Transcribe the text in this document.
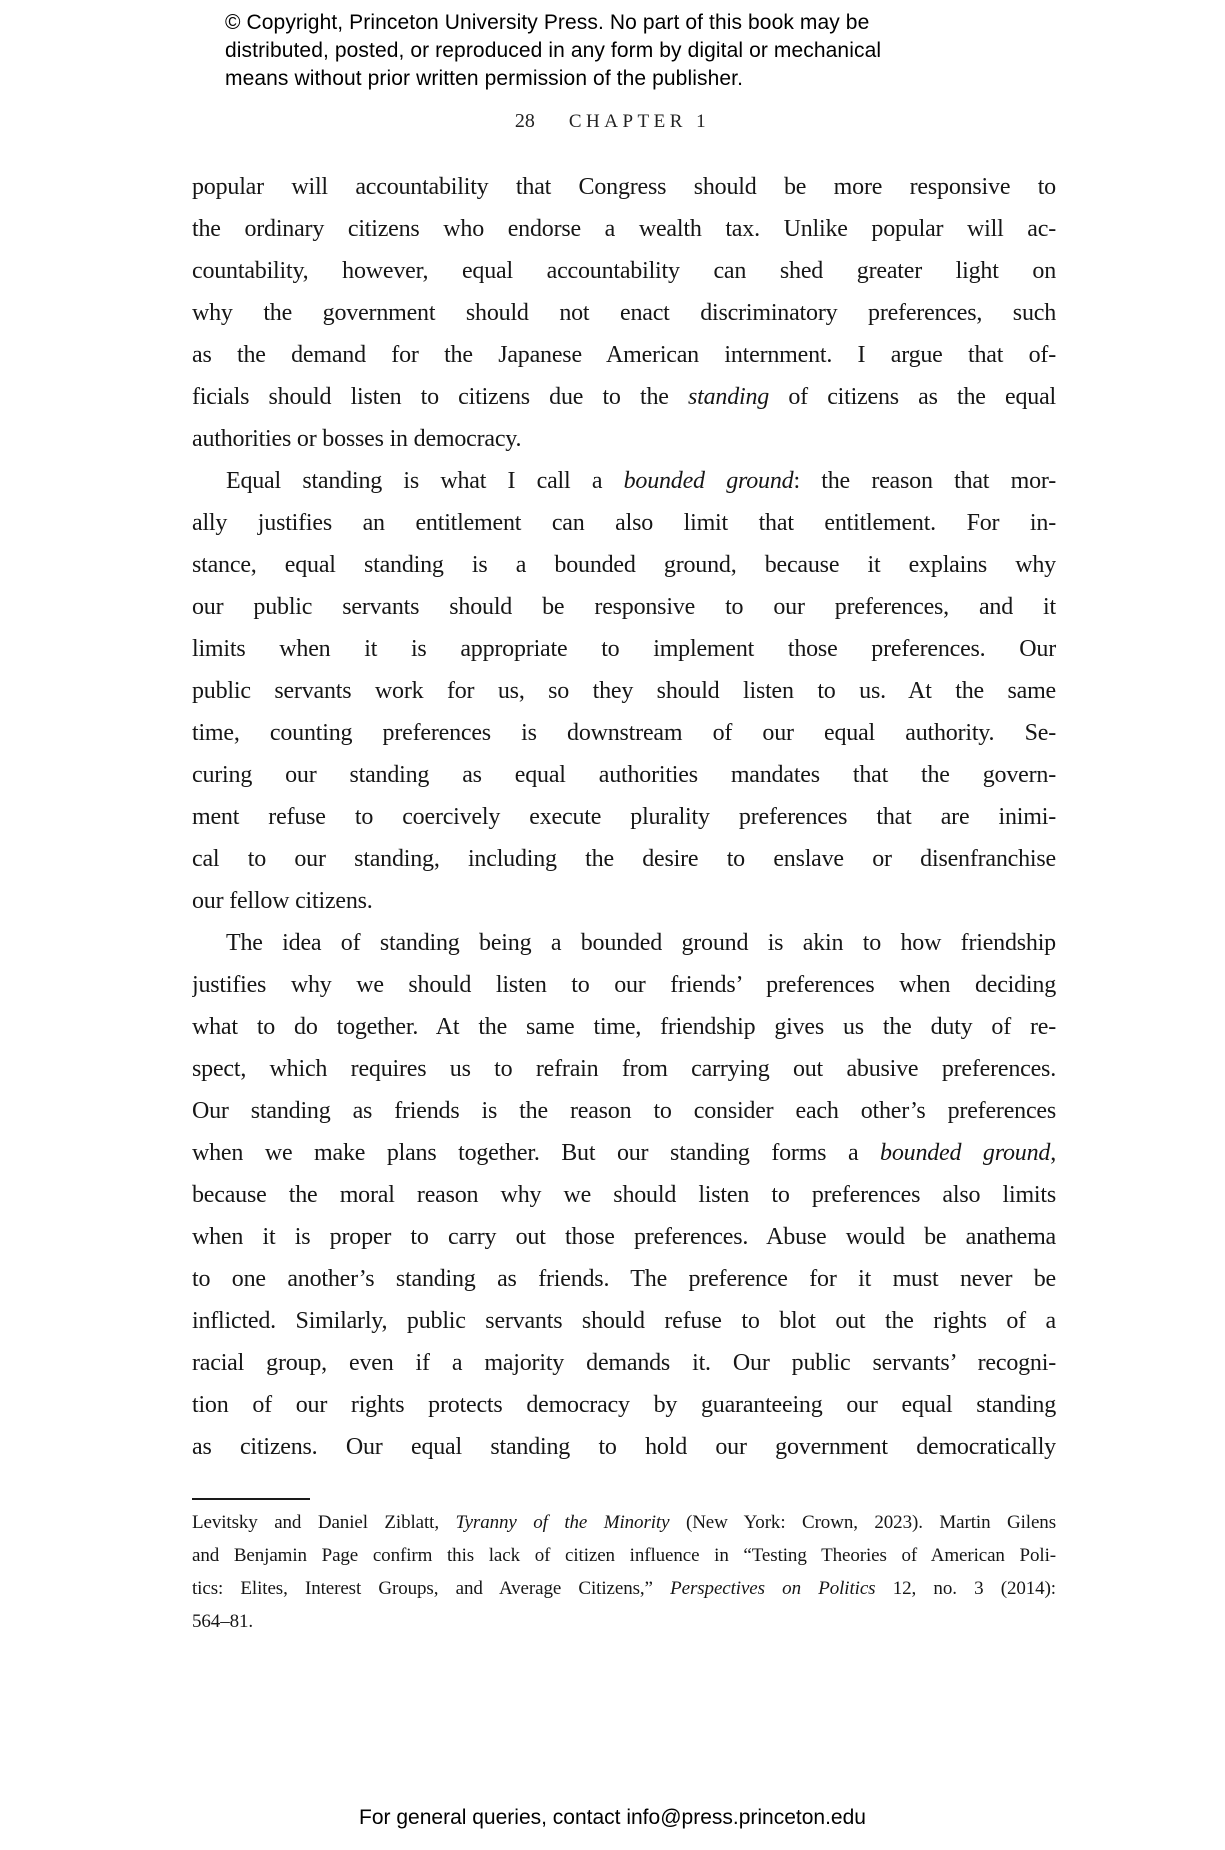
© Copyright, Princeton University Press. No part of this book may be
distributed, posted, or reproduced in any form by digital or mechanical
means without prior written permission of the publisher.
28 CHAPTER 1
popular will accountability that Congress should be more responsive to
the ordinary citizens who endorse a wealth tax. Unlike popular will ac-
countability, however, equal accountability can shed greater light on
why the government should not enact discriminatory preferences, such
as the demand for the Japanese American internment. I argue that of-
ficials should listen to citizens due to the standing of citizens as the equal
authorities or bosses in democracy.
Equal standing is what I call a bounded ground: the reason that mor-
ally justifies an entitlement can also limit that entitlement. For in-
stance, equal standing is a bounded ground, because it explains why
our public servants should be responsive to our preferences, and it
limits when it is appropriate to implement those preferences. Our
public servants work for us, so they should listen to us. At the same
time, counting preferences is downstream of our equal authority. Se-
curing our standing as equal authorities mandates that the govern-
ment refuse to coercively execute plurality preferences that are inimi-
cal to our standing, including the desire to enslave or disenfranchise
our fellow citizens.
The idea of standing being a bounded ground is akin to how friendship
justifies why we should listen to our friends’ preferences when deciding
what to do together. At the same time, friendship gives us the duty of re-
spect, which requires us to refrain from carrying out abusive preferences.
Our standing as friends is the reason to consider each other’s preferences
when we make plans together. But our standing forms a bounded ground,
because the moral reason why we should listen to preferences also limits
when it is proper to carry out those preferences. Abuse would be anathema
to one another’s standing as friends. The preference for it must never be
inflicted. Similarly, public servants should refuse to blot out the rights of a
racial group, even if a majority demands it. Our public servants’ recogni-
tion of our rights protects democracy by guaranteeing our equal standing
as citizens. Our equal standing to hold our government democratically
Levitsky and Daniel Ziblatt, Tyranny of the Minority (New York: Crown, 2023). Martin Gilens
and Benjamin Page confirm this lack of citizen influence in “Testing Theories of American Poli-
tics: Elites, Interest Groups, and Average Citizens,” Perspectives on Politics 12, no. 3 (2014):
564–81.
For general queries, contact info@press.princeton.edu
